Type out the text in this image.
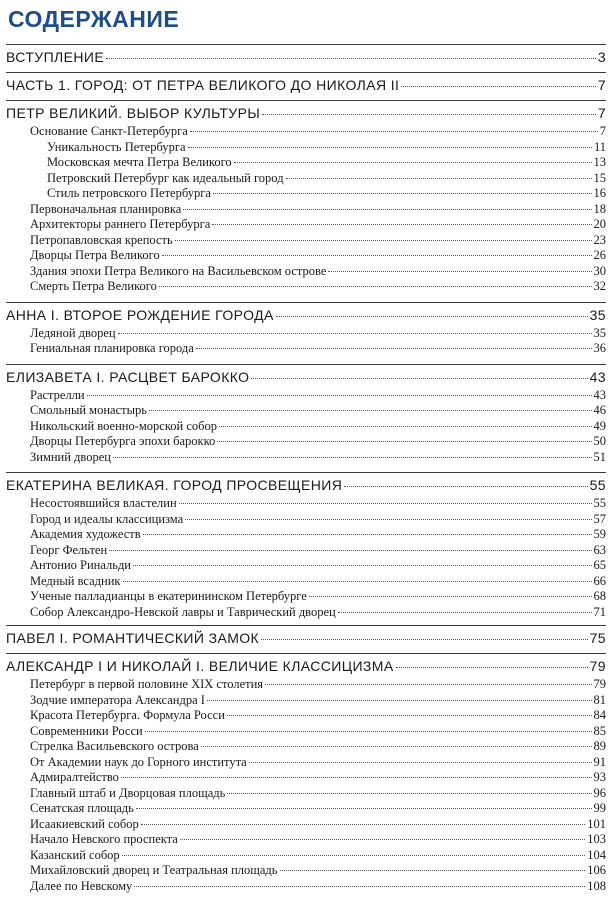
СОДЕРЖАНИЕ
ВСТУПЛЕНИЕ	3
ЧАСТЬ 1. ГОРОД: ОТ ПЕТРА ВЕЛИКОГО ДО НИКОЛАЯ II	7
ПЕТР ВЕЛИКИЙ. ВЫБОР КУЛЬТУРЫ	7
Основание Санкт-Петербурга	7
Уникальность Петербурга	11
Московская мечта Петра Великого	13
Петровский Петербург как идеальный город	15
Стиль петровского Петербурга	16
Первоначальная планировка	18
Архитекторы раннего Петербурга	20
Петропавловская крепость	23
Дворцы Петра Великого	26
Здания эпохи Петра Великого на Васильевском острове	30
Смерть Петра Великого	32
АННА I. ВТОРОЕ РОЖДЕНИЕ ГОРОДА	35
Ледяной дворец	35
Гениальная планировка города	36
ЕЛИЗАВЕТА I. РАСЦВЕТ БАРОККО	43
Растрелли	43
Смольный монастырь	46
Никольский военно-морской собор	49
Дворцы Петербурга эпохи барокко	50
Зимний дворец	51
ЕКАТЕРИНА ВЕЛИКАЯ. ГОРОД ПРОСВЕЩЕНИЯ	55
Несостоявшийся властелин	55
Город и идеалы классицизма	57
Академия художеств	59
Георг Фельтен	63
Антонио Ринальди	65
Медный всадник	66
Ученые палладианцы в екатерининском Петербурге	68
Собор Александро-Невской лавры и Таврический дворец	71
ПАВЕЛ I. РОМАНТИЧЕСКИЙ ЗАМОК	75
АЛЕКСАНДР I И НИКОЛАЙ I. ВЕЛИЧИЕ КЛАССИЦИЗМА	79
Петербург в первой половине XIX столетия	79
Зодчие императора Александра I	81
Красота Петербурга. Формула Росси	84
Современники Росси	85
Стрелка Васильевского острова	89
От Академии наук до Горного института	91
Адмиралтейство	93
Главный штаб и Дворцовая площадь	96
Сенатская площадь	99
Исаакиевский собор	101
Начало Невского проспекта	103
Казанский собор	104
Михайловский дворец и Театральная площадь	106
Далее по Невскому	108
